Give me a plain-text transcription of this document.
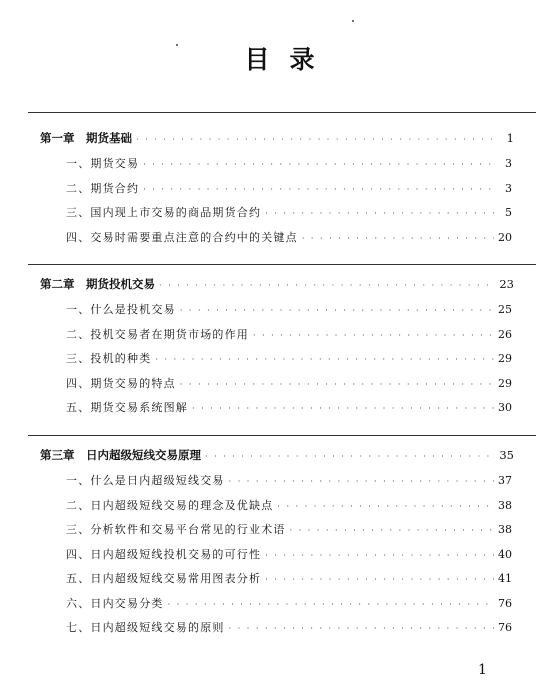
目录
第一章　期货基础 · · ·	1
一、期货交易 · · ·	3
二、期货合约 · · ·	3
三、国内现上市交易的商品期货合约 · · ·	5
四、交易时需要重点注意的合约中的关键点 · · ·	20
第二章　期货投机交易 · · ·	23
一、什么是投机交易 · · ·	25
二、投机交易者在期货市场的作用 · · ·	26
三、投机的种类 · · ·	29
四、期货交易的特点 · · ·	29
五、期货交易系统图解 · · ·	30
第三章　日内超级短线交易原理 · · ·	35
一、什么是日内超级短线交易 · · ·	37
二、日内超级短线交易的理念及优缺点 · · ·	38
三、分析软件和交易平台常见的行业术语 · · ·	38
四、日内超级短线投机交易的可行性 · · ·	40
五、日内超级短线交易常用图表分析 · · ·	41
六、日内交易分类 · · ·	76
七、日内超级短线交易的原则 · · ·	76
1
